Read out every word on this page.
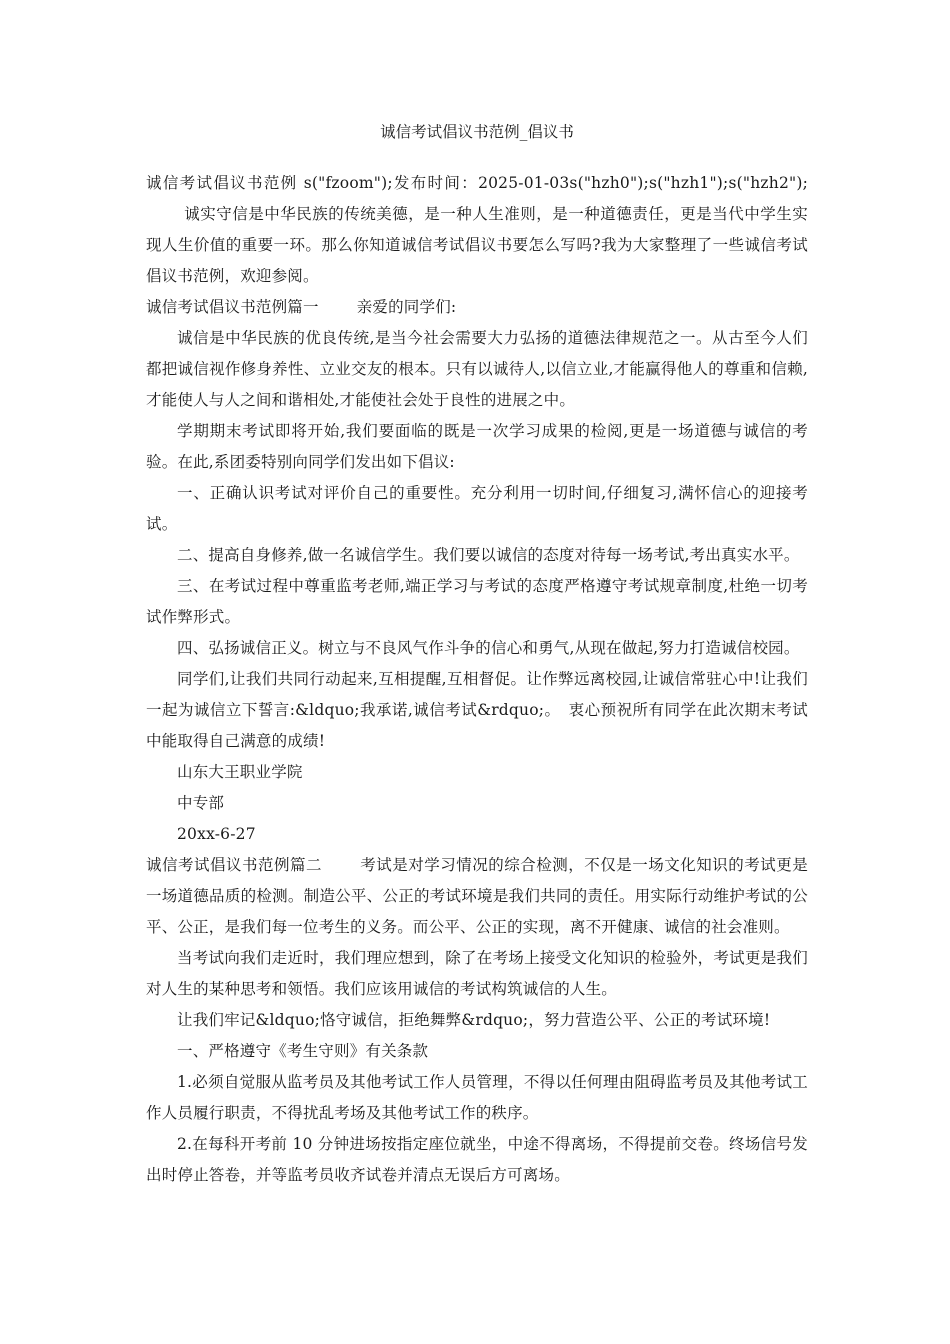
诚信考试倡议书范例_倡议书

诚信考试倡议书范例 s("fzoom");发布时间：2025-01-03s("hzh0");s("hzh1");s("hzh2");诚实守信是中华民族的传统美德，是一种人生准则，是一种道德责任，更是当代中学生实现人生价值的重要一环。那么你知道诚信考试倡议书要怎么写吗?我为大家整理了一些诚信考试倡议书范例，欢迎参阅。

诚信考试倡议书范例篇一 亲爱的同学们:

诚信是中华民族的优良传统,是当今社会需要大力弘扬的道德法律规范之一。从古至今人们都把诚信视作修身养性、立业交友的根本。只有以诚待人,以信立业,才能赢得他人的尊重和信赖,才能使人与人之间和谐相处,才能使社会处于良性的进展之中。

学期期末考试即将开始,我们要面临的既是一次学习成果的检阅,更是一场道德与诚信的考验。在此,系团委特别向同学们发出如下倡议:

一、正确认识考试对评价自己的重要性。充分利用一切时间,仔细复习,满怀信心的迎接考试。

二、提高自身修养,做一名诚信学生。我们要以诚信的态度对待每一场考试,考出真实水平。

三、在考试过程中尊重监考老师,端正学习与考试的态度严格遵守考试规章制度,杜绝一切考试作弊形式。

四、弘扬诚信正义。树立与不良风气作斗争的信心和勇气,从现在做起,努力打造诚信校园。

同学们,让我们共同行动起来,互相提醒,互相督促。让作弊远离校园,让诚信常驻心中!让我们一起为诚信立下誓言:&ldquo;我承诺,诚信考试&rdquo;。　衷心预祝所有同学在此次期末考试中能取得自己满意的成绩!

山东大王职业学院

中专部

20xx-6-27

诚信考试倡议书范例篇二 考试是对学习情况的综合检测，不仅是一场文化知识的考试更是一场道德品质的检测。制造公平、公正的考试环境是我们共同的责任。用实际行动维护考试的公平、公正，是我们每一位考生的义务。而公平、公正的实现，离不开健康、诚信的社会准则。

当考试向我们走近时，我们理应想到，除了在考场上接受文化知识的检验外，考试更是我们对人生的某种思考和领悟。我们应该用诚信的考试构筑诚信的人生。

让我们牢记&ldquo;恪守诚信，拒绝舞弊&rdquo;，努力营造公平、公正的考试环境!

一、严格遵守《考生守则》有关条款

1.必须自觉服从监考员及其他考试工作人员管理，不得以任何理由阻碍监考员及其他考试工作人员履行职责，不得扰乱考场及其他考试工作的秩序。

2.在每科开考前 10 分钟进场按指定座位就坐，中途不得离场，不得提前交卷。终场信号发出时停止答卷，并等监考员收齐试卷并清点无误后方可离场。
